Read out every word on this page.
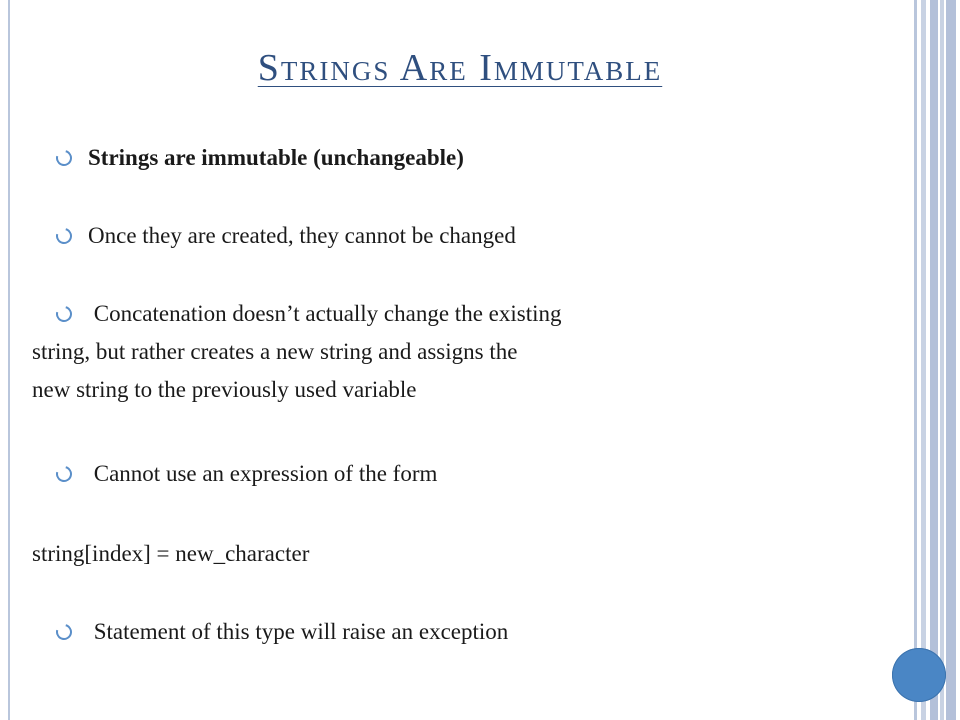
Strings Are Immutable
Strings are immutable (unchangeable)
Once they are created, they cannot be changed
Concatenation doesn’t actually change the existing
string, but rather creates a new string and assigns the
new string to the previously used variable
Cannot use an expression of the form
string[index] = new_character
Statement of this type will raise an exception
